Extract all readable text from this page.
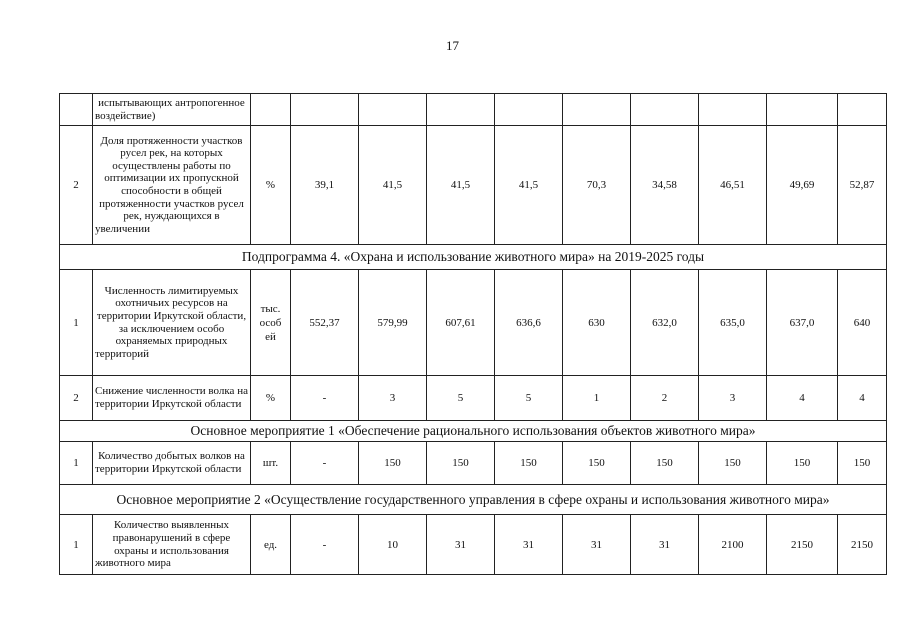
17
	испытывающих антропогенное воздействие)										
2	Доля протяженности участков русел рек, на которых осуществлены работы по оптимизации их пропускной способности в общей протяженности участков русел рек, нуждающихся в увеличении	%	39,1	41,5	41,5	41,5	70,3	34,58	46,51	49,69	52,87
Подпрограмма 4. «Охрана и использование животного мира» на 2019-2025 годы											
1	Численность лимитируемых охотничьих ресурсов на территории Иркутской области, за исключением особо охраняемых природных территорий	тыс. особ ей	552,37	579,99	607,61	636,6	630	632,0	635,0	637,0	640
2	Снижение численности волка на территории Иркутской области	%	-	3	5	5	1	2	3	4	4
Основное мероприятие 1 «Обеспечение рационального использования объектов животного мира»											
1	Количество добытых волков на территории Иркутской области	шт.	-	150	150	150	150	150	150	150	150
Основное мероприятие 2 «Осуществление государственного управления в сфере охраны и использования животного мира»											
1	Количество выявленных правонарушений в сфере охраны и использования животного мира	ед.	-	10	31	31	31	31	2100	2150	2150
